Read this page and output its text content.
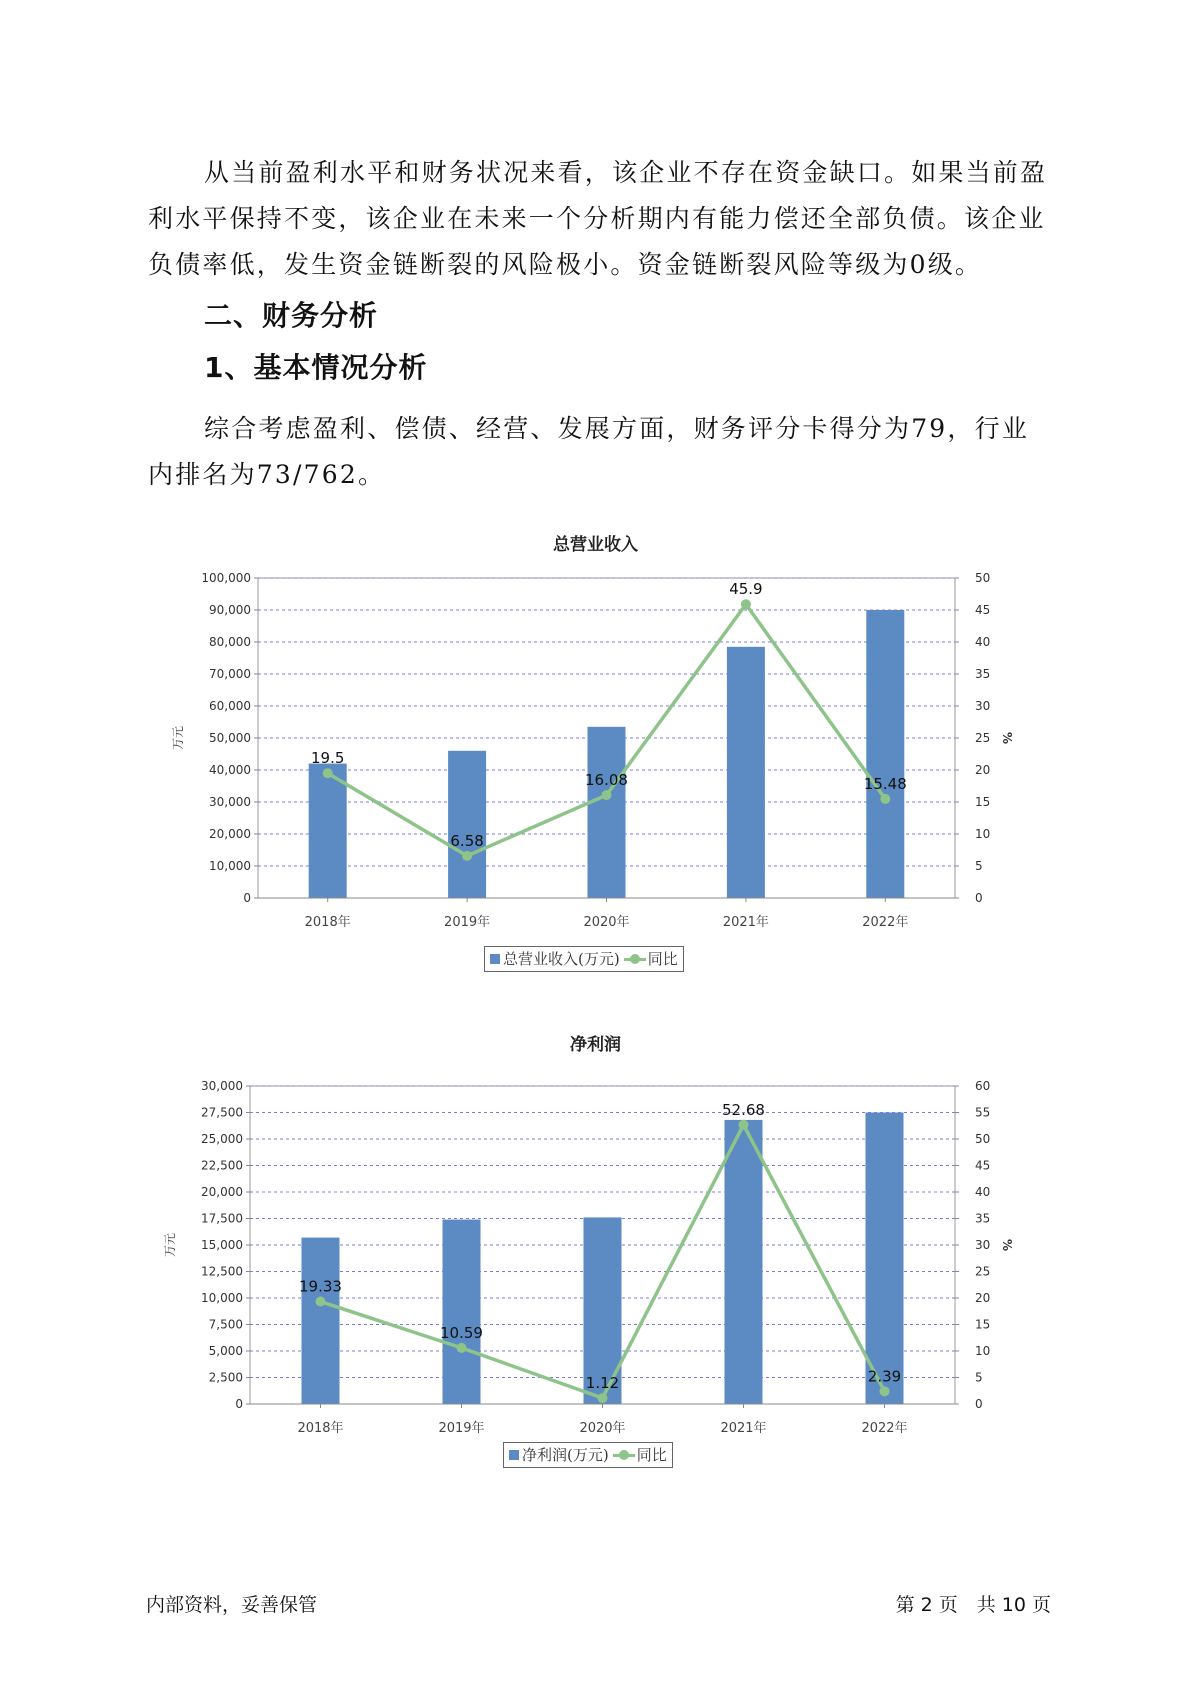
从当前盈利水平和财务状况来看，该企业不存在资金缺口。如果当前盈利水平保持不变，该企业在未来一个分析期内有能力偿还全部负债。该企业负债率低，发生资金链断裂的风险极小。资金链断裂风险等级为0级。

二、财务分析
1、基本情况分析

综合考虑盈利、偿债、经营、发展方面，财务评分卡得分为79，行业内排名为73/762。

总营业收入
0
10,000
20,000
30,000
40,000
50,000
60,000
70,000
80,000
90,000
100,000
0
5
10
15
20
25
30
35
40
45
50
万元	%
2018年	2019年	2020年	2021年	2022年
19.5
6.58
16.08
45.9
15.48
总营业收入(万元) 同比
净利润
0
2,500
5,000
7,500
10,000
12,500
15,000
17,500
20,000
22,500
25,000
27,500
30,000
0
5
10
15
20
25
30
35
40
45
50
55
60
万元	%
2018年	2019年	2020年	2021年	2022年
19.33
10.59
1.12
52.68
2.39
净利润(万元) 同比
内部资料，妥善保管	第 2 页　共 10 页
